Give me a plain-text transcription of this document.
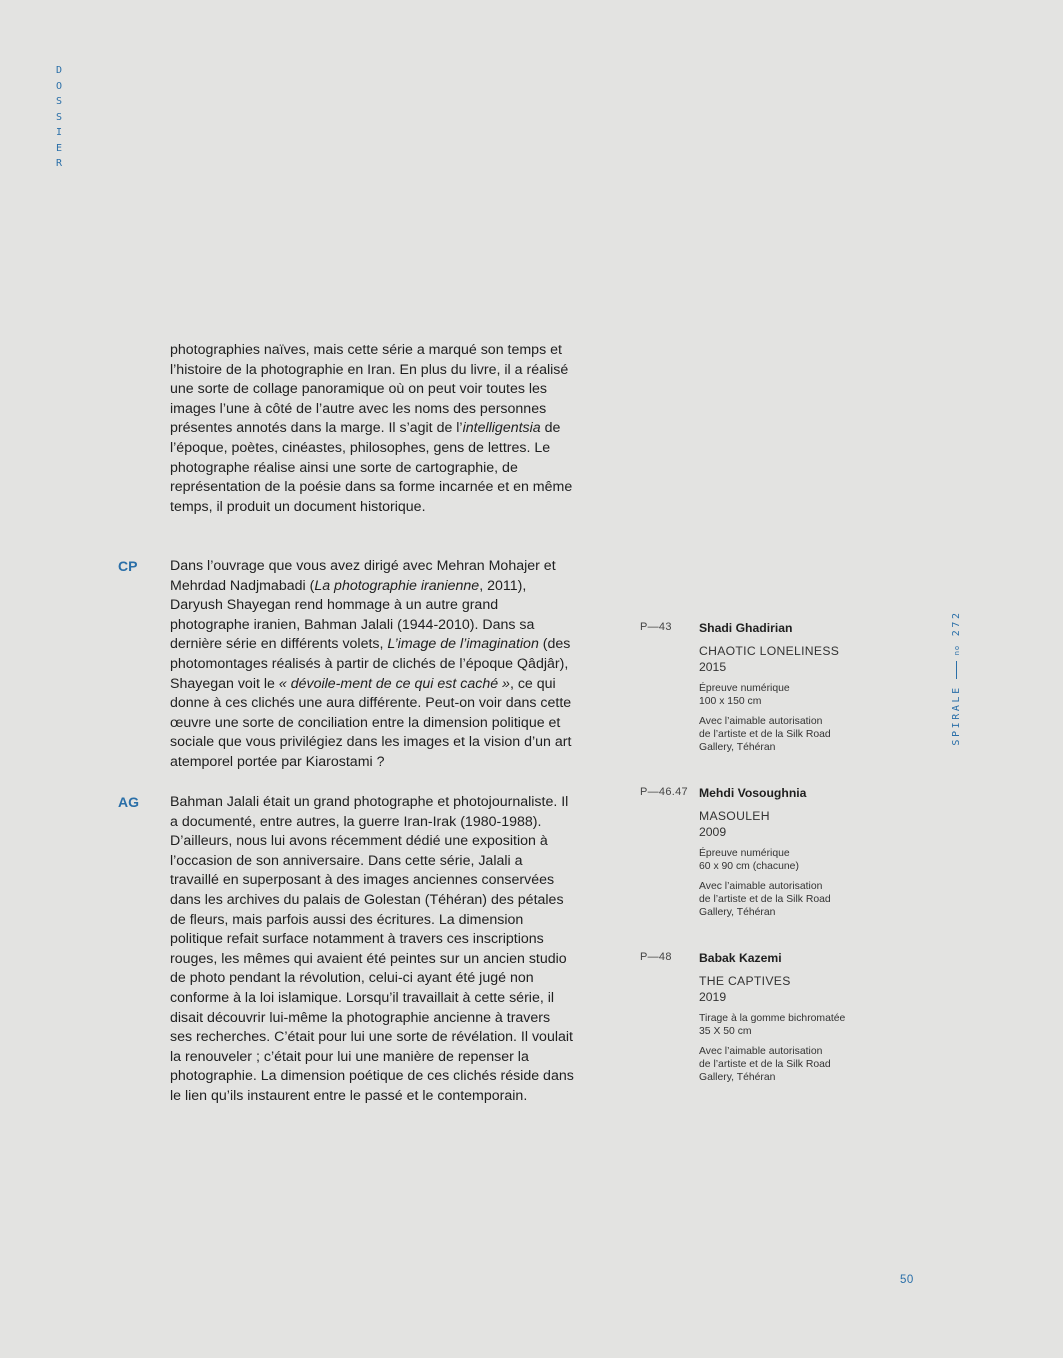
D
O
S
S
I
E
R
CP
AG

photographies naïves, mais cette série a marqué son temps et l’histoire de la photographie en Iran. En plus du livre, il a réalisé une sorte de collage panoramique où on peut voir toutes les images l’une à côté de l’autre avec les noms des personnes présentes annotés dans la marge. Il s’agit de l’intelligentsia de l’époque, poètes, cinéastes, philosophes, gens de lettres. Le photographe réalise ainsi une sorte de cartographie, de représentation de la poésie dans sa forme incarnée et en même temps, il produit un document historique.

Dans l’ouvrage que vous avez dirigé avec Mehran Mohajer et Mehrdad Nadjmabadi (La photographie iranienne, 2011), Daryush Shayegan rend hommage à un autre grand photographe iranien, Bahman Jalali (1944-2010). Dans sa dernière série en différents volets, L’image de l’imagination (des photomontages réalisés à partir de clichés de l’époque Qâdjâr), Shayegan voit le « dévoile-ment de ce qui est caché », ce qui donne à ces clichés une aura différente. Peut-on voir dans cette œuvre une sorte de conciliation entre la dimension politique et sociale que vous privilégiez dans les images et la vision d’un art atemporel portée par Kiarostami ?

Bahman Jalali était un grand photographe et photojournaliste. Il a documenté, entre autres, la guerre Iran-Irak (1980-1988). D’ailleurs, nous lui avons récemment dédié une exposition à l’occasion de son anniversaire. Dans cette série, Jalali a travaillé en superposant à des images anciennes conservées dans les archives du palais de Golestan (Téhéran) des pétales de fleurs, mais parfois aussi des écritures. La dimension politique refait surface notamment à travers ces inscriptions rouges, les mêmes qui avaient été peintes sur un ancien studio de photo pendant la révolution, celui-ci ayant été jugé non conforme à la loi islamique. Lorsqu’il travaillait à cette série, il disait découvrir lui-même la photographie ancienne à travers ses recherches. C’était pour lui une sorte de révélation. Il voulait la renouveler ; c’était pour lui une manière de repenser la photographie. La dimension poétique de ces clichés réside dans le lien qu’ils instaurent entre le passé et le contemporain.

P—43 Shadi Ghadirian
CHAOTIC LONELINESS
2015
Épreuve numérique
100 x 150 cm
Avec l’aimable autorisation
de l’artiste et de la Silk Road
Gallery, Téhéran
P—46.47 Mehdi Vosoughnia
MASOULEH
2009
Épreuve numérique
60 x 90 cm (chacune)
Avec l’aimable autorisation
de l’artiste et de la Silk Road
Gallery, Téhéran
P—48 Babak Kazemi
THE CAPTIVES
2019
Tirage à la gomme bichromatée
35 X 50 cm
Avec l’aimable autorisation
de l’artiste et de la Silk Road
Gallery, Téhéran
SPIRALEno 272
50
